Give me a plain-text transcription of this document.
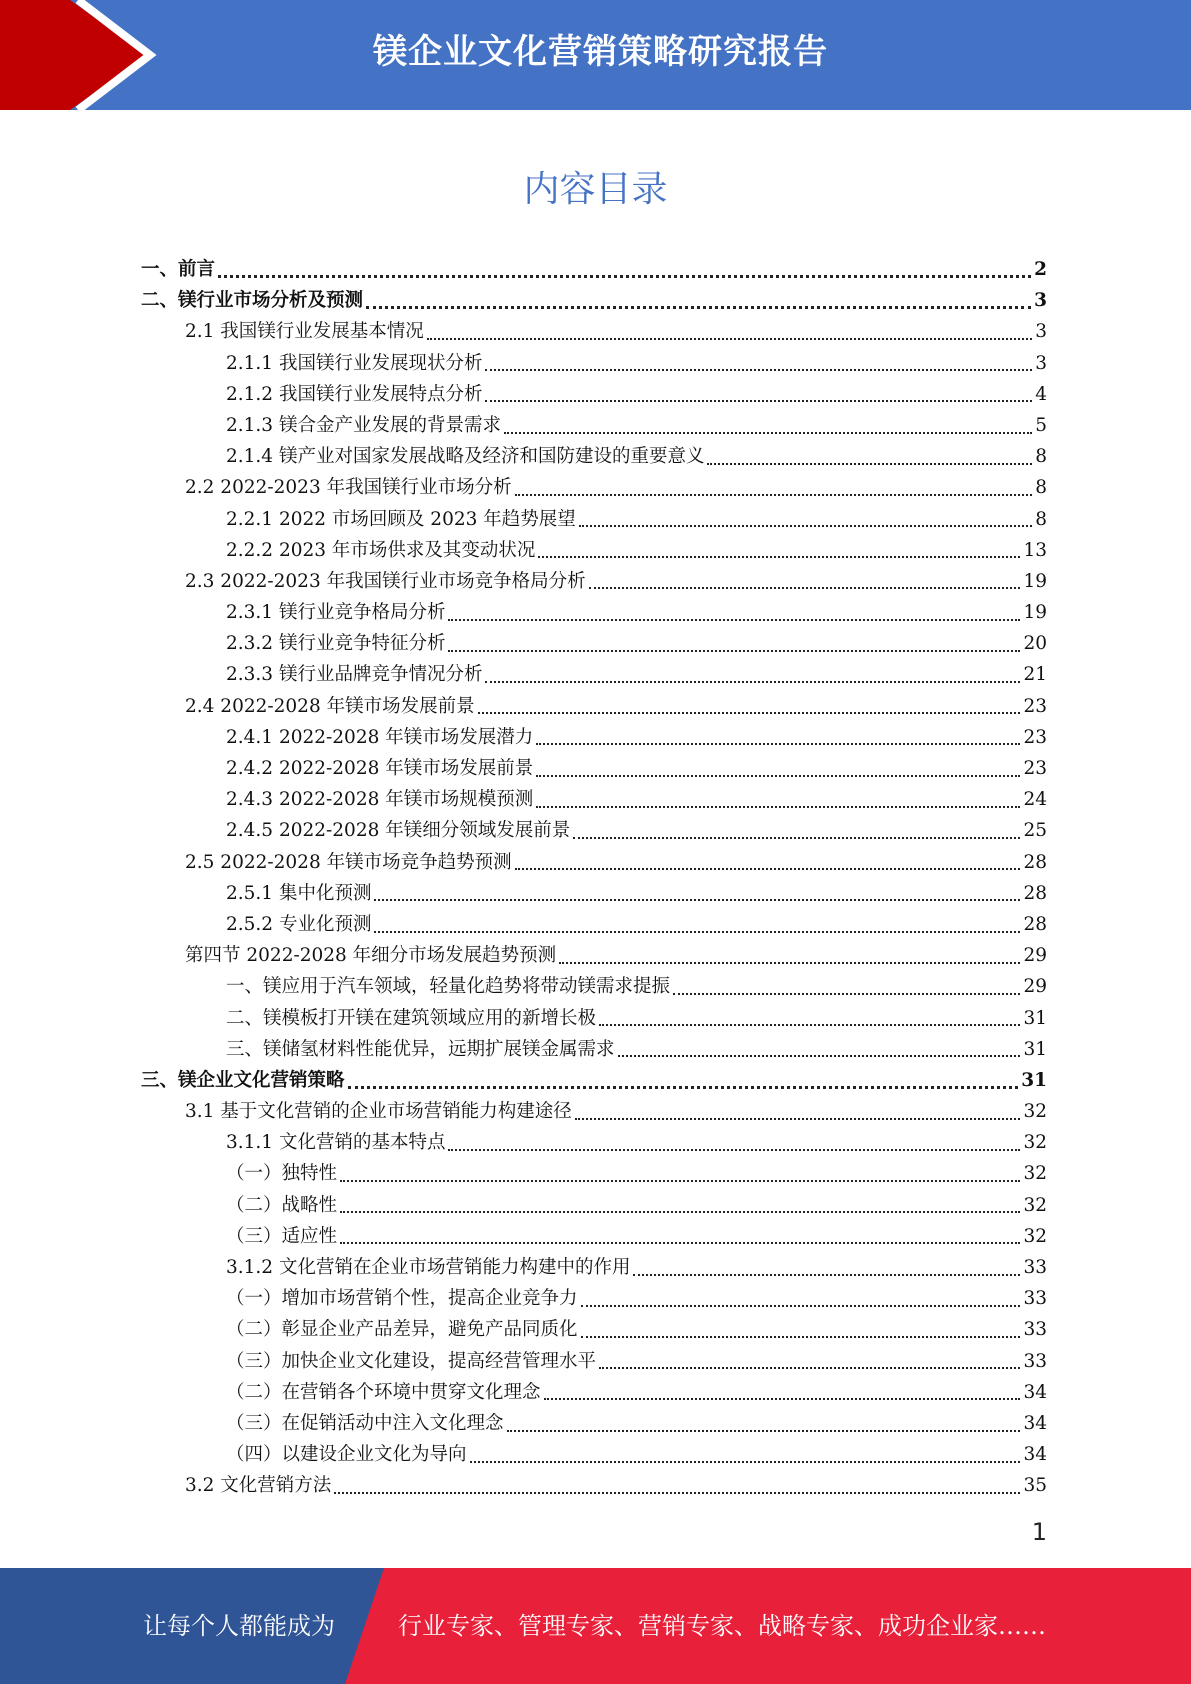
镁企业文化营销策略研究报告
内容目录
一、前言	2
二、镁行业市场分析及预测	3
2.1 我国镁行业发展基本情况	3
2.1.1 我国镁行业发展现状分析	3
2.1.2 我国镁行业发展特点分析	4
2.1.3 镁合金产业发展的背景需求	5
2.1.4 镁产业对国家发展战略及经济和国防建设的重要意义	8
2.2 2022-2023 年我国镁行业市场分析	8
2.2.1 2022 市场回顾及 2023 年趋势展望	8
2.2.2 2023 年市场供求及其变动状况	13
2.3 2022-2023 年我国镁行业市场竞争格局分析	19
2.3.1 镁行业竞争格局分析	19
2.3.2 镁行业竞争特征分析	20
2.3.3 镁行业品牌竞争情况分析	21
2.4 2022-2028 年镁市场发展前景	23
2.4.1 2022-2028 年镁市场发展潜力	23
2.4.2 2022-2028 年镁市场发展前景	23
2.4.3 2022-2028 年镁市场规模预测	24
2.4.5 2022-2028 年镁细分领域发展前景	25
2.5 2022-2028 年镁市场竞争趋势预测	28
2.5.1 集中化预测	28
2.5.2 专业化预测	28
第四节 2022-2028 年细分市场发展趋势预测	29
一、镁应用于汽车领域，轻量化趋势将带动镁需求提振	29
二、镁模板打开镁在建筑领域应用的新增长极	31
三、镁储氢材料性能优异，远期扩展镁金属需求	31
三、镁企业文化营销策略	31
3.1 基于文化营销的企业市场营销能力构建途径	32
3.1.1 文化营销的基本特点	32
（一）独特性	32
（二）战略性	32
（三）适应性	32
3.1.2 文化营销在企业市场营销能力构建中的作用	33
（一）增加市场营销个性，提高企业竞争力	33
（二）彰显企业产品差异，避免产品同质化	33
（三）加快企业文化建设，提高经营管理水平	33
（二）在营销各个环境中贯穿文化理念	34
（三）在促销活动中注入文化理念	34
（四）以建设企业文化为导向	34
3.2 文化营销方法	35
1
让每个人都能成为	行业专家、管理专家、营销专家、战略专家、成功企业家……
